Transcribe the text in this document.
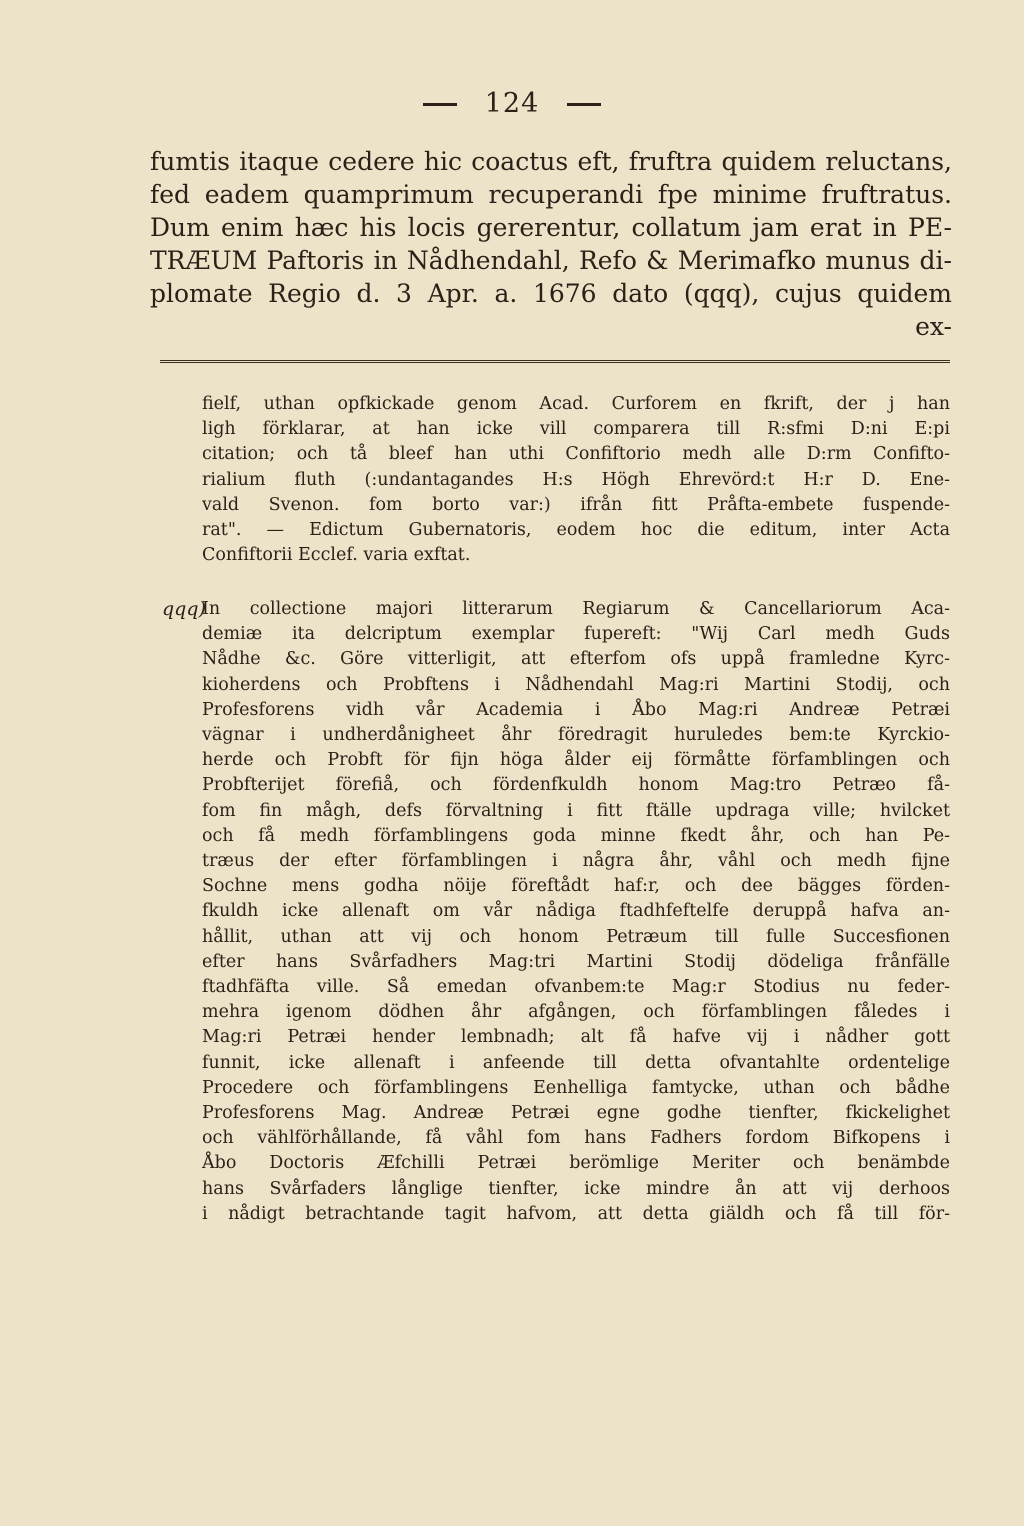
124
fumtis itaque cedere hic coactus eft, fruftra quidem reluctans,
fed eadem quamprimum recuperandi fpe minime fruftratus.
Dum enim hæc his locis gererentur, collatum jam erat in PE-
TRÆUM Paftoris in Nådhendahl, Refo & Merimafko munus di-
plomate Regio d. 3 Apr. a. 1676 dato (qqq), cujus quidem
ex-
fielf, uthan opfkickade genom Acad. Curforem en fkrift, der j han
ligh förklarar, at han icke vill comparera till R:sfmi D:ni E:pi
citation; och tå bleef han uthi Confiftorio medh alle D:rm Confifto-
rialium fluth (:undantagandes H:s Högh Ehrevörd:t H:r D. Ene-
vald Svenon. fom borto var:) ifrån fitt Pråfta-embete fuspende-
rat". — Edictum Gubernatoris, eodem hoc die editum, inter Acta
Confiftorii Ecclef. varia exftat.
qqq)
In collectione majori litterarum Regiarum & Cancellariorum Aca-
demiæ ita delcriptum exemplar fupereft: "Wij Carl medh Guds
Nådhe &c. Göre vitterligit, att efterfom ofs uppå framledne Kyrc-
kioherdens och Probftens i Nådhendahl Mag:ri Martini Stodij, och
Profesforens vidh vår Academia i Åbo Mag:ri Andreæ Petræi
vägnar i undherdånigheet åhr föredragit huruledes bem:te Kyrckio-
herde och Probft för fijn höga ålder eij förmåtte förfamblingen och
Probfterijet förefiå, och fördenfkuldh honom Mag:tro Petræo få-
fom fin mågh, defs förvaltning i fitt ftälle updraga ville; hvilcket
och få medh förfamblingens goda minne fkedt åhr, och han Pe-
træus der efter förfamblingen i några åhr, våhl och medh fijne
Sochne mens godha nöije föreftådt haf:r, och dee bägges förden-
fkuldh icke allenaft om vår nådiga ftadhfeftelfe deruppå hafva an-
hållit, uthan att vij och honom Petræum till fulle Succesfionen
efter hans Svårfadhers Mag:tri Martini Stodij dödeliga frånfälle
ftadhfäfta ville. Så emedan ofvanbem:te Mag:r Stodius nu feder-
mehra igenom dödhen åhr afgången, och förfamblingen fåledes i
Mag:ri Petræi hender lembnadh; alt få hafve vij i nådher gott
funnit, icke allenaft i anfeende till detta ofvantahlte ordentelige
Procedere och förfamblingens Eenhelliga famtycke, uthan och bådhe
Profesforens Mag. Andreæ Petræi egne godhe tienfter, fkickelighet
och vählförhållande, få våhl fom hans Fadhers fordom Bifkopens i
Åbo Doctoris Æfchilli Petræi berömlige Meriter och benämbde
hans Svårfaders långlige tienfter, icke mindre ån att vij derhoos
i nådigt betrachtande tagit hafvom, att detta giäldh och få till för-
